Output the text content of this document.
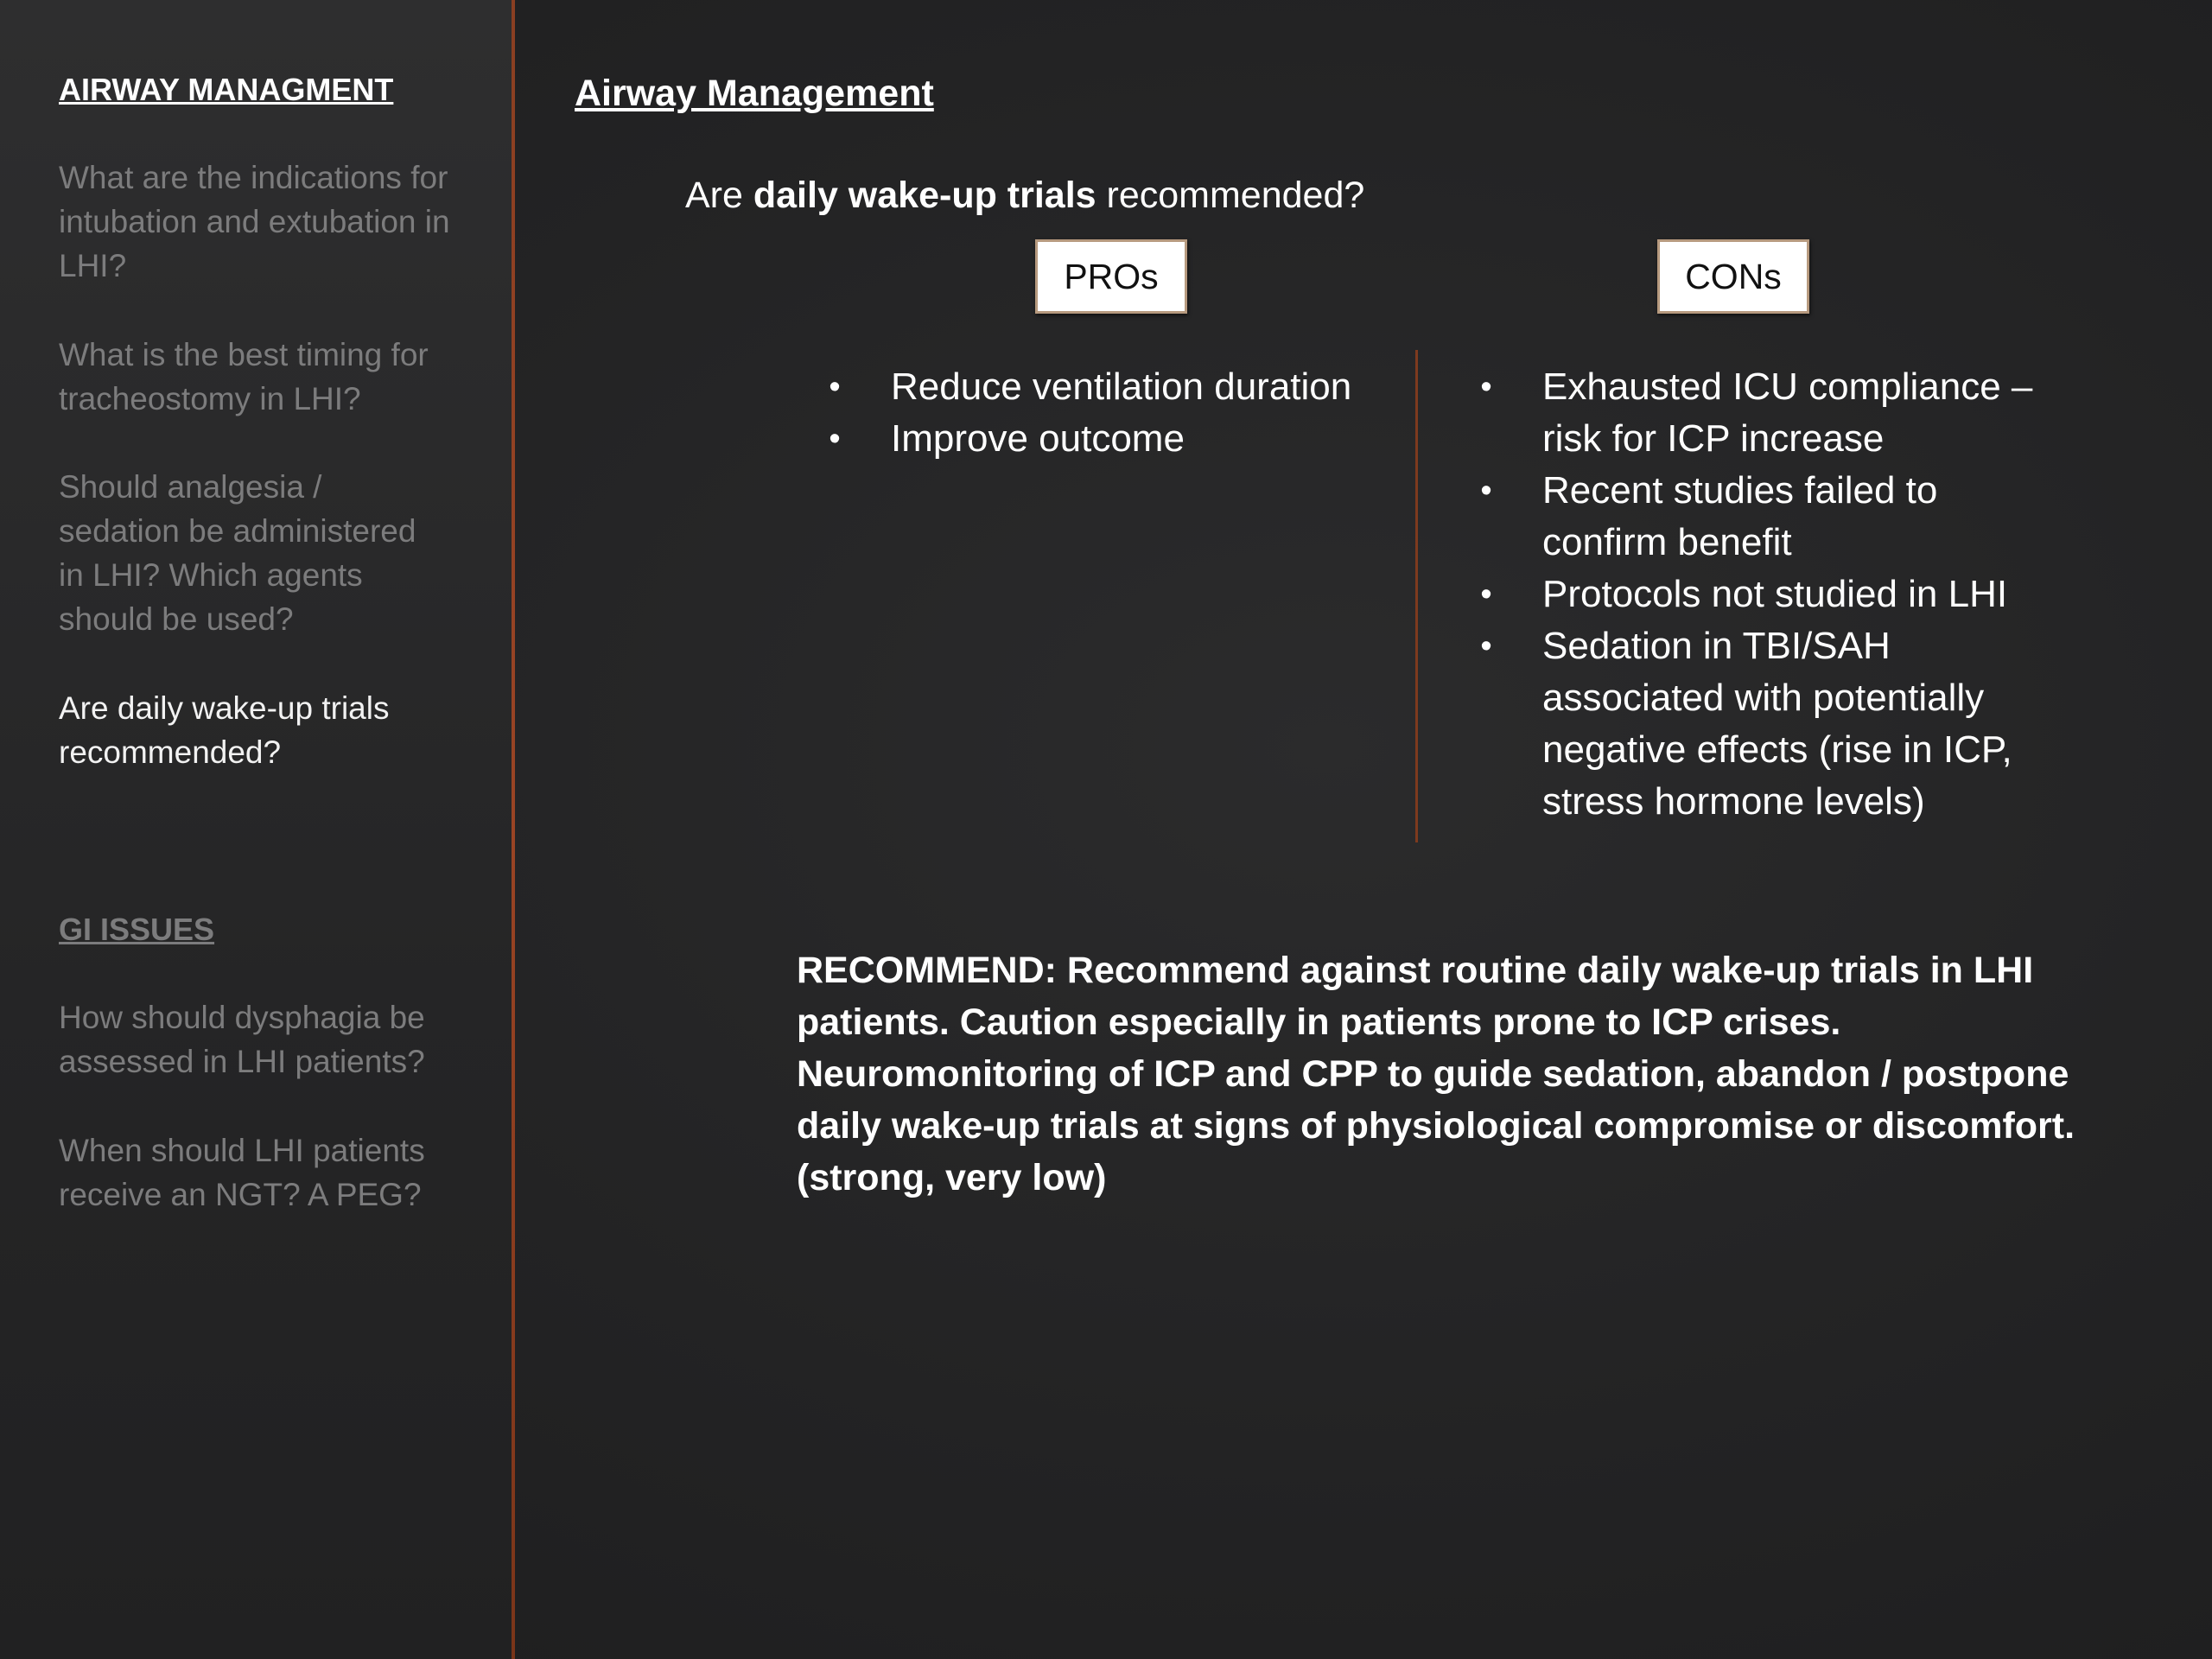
AIRWAY MANAGMENT

What are the indications for intubation and extubation in LHI?

What is the best timing for tracheostomy in LHI?

Should analgesia / sedation be administered in LHI? Which agents should be used?

Are daily wake-up trials recommended?

GI ISSUES

How should dysphagia be assessed in LHI patients?

When should LHI patients receive an NGT? A PEG?

Airway Management

Are daily wake-up trials recommended?

PROs	CONs
• Reduce ventilation duration
• Improve outcome
• Exhausted ICU compliance – risk for ICP increase
• Recent studies failed to confirm benefit
• Protocols not studied in LHI
• Sedation in TBI/SAH associated with potentially negative effects (rise in ICP, stress hormone levels)

RECOMMEND: Recommend against routine daily wake-up trials in LHI patients. Caution especially in patients prone to ICP crises. Neuromonitoring of ICP and CPP to guide sedation, abandon / postpone daily wake-up trials at signs of physiological compromise or discomfort. (strong, very low)
